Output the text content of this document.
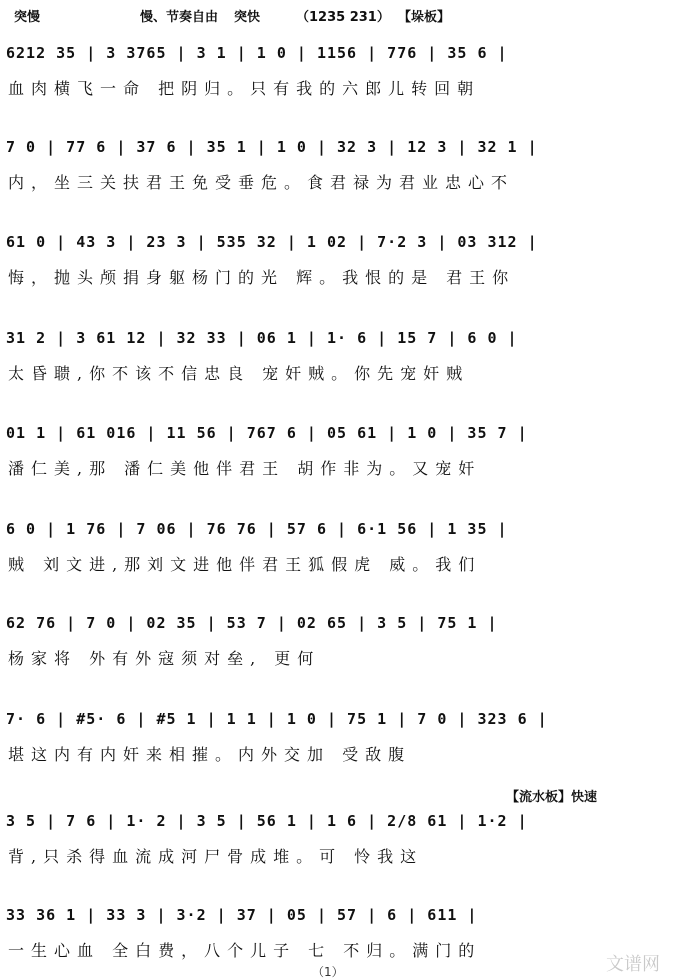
突慢	慢、节奏自由 突快	（1235 231） 【垛板】
6212 35 | 3 3765 | 3 1 | 1 0 | 1156 | 776 | 35 6 |
血肉横飞一命 把阴归。只有我的六郎儿转回朝
7 0 | 77 6 | 37 6 | 35 1 | 1 0 | 32 3 | 12 3 | 32 1 |
内，坐三关扶君王免受垂危。食君禄为君业忠心不
61 0 | 43 3 | 23 3 | 535 32 | 1 02 | 7·2 3 | 03 312 |
悔，抛头颅捐身躯杨门的光 辉。我恨的是 君王你
31 2 | 3 61 12 | 32 33 | 06 1 | 1· 6 | 15 7 | 6 0 |
太昏聩,你不该不信忠良 宠奸贼。你先宠奸贼
01 1 | 61 016 | 11 56 | 767 6 | 05 61 | 1 0 | 35 7 |
潘仁美,那 潘仁美他伴君王 胡作非为。又宠奸
6 0 | 1 76 | 7 06 | 76 76 | 57 6 | 6·1 56 | 1 35 |
贼 刘文进,那刘文进他伴君王狐假虎 威。我们
62 76 | 7 0 | 02 35 | 53 7 | 02 65 | 3 5 | 75 1 |
杨家将 外有外寇须对垒, 更何
7· 6 | #5· 6 | #5 1 | 1 1 | 1 0 | 75 1 | 7 0 | 323 6 |
堪这内有内奸来相摧。内外交加 受敌腹
【流水板】快速
3 5 | 7 6 | 1· 2 | 3 5 | 56 1 | 1 6 | 2/8 61 | 1·2 |
背,只杀得血流成河尸骨成堆。可 怜我这
33 36 1 | 33 3 | 3·2 | 37 | 05 | 57 | 6 | 611 |
一生心血 全白费，八个儿子 七 不归。满门的
文谱网
（1）
